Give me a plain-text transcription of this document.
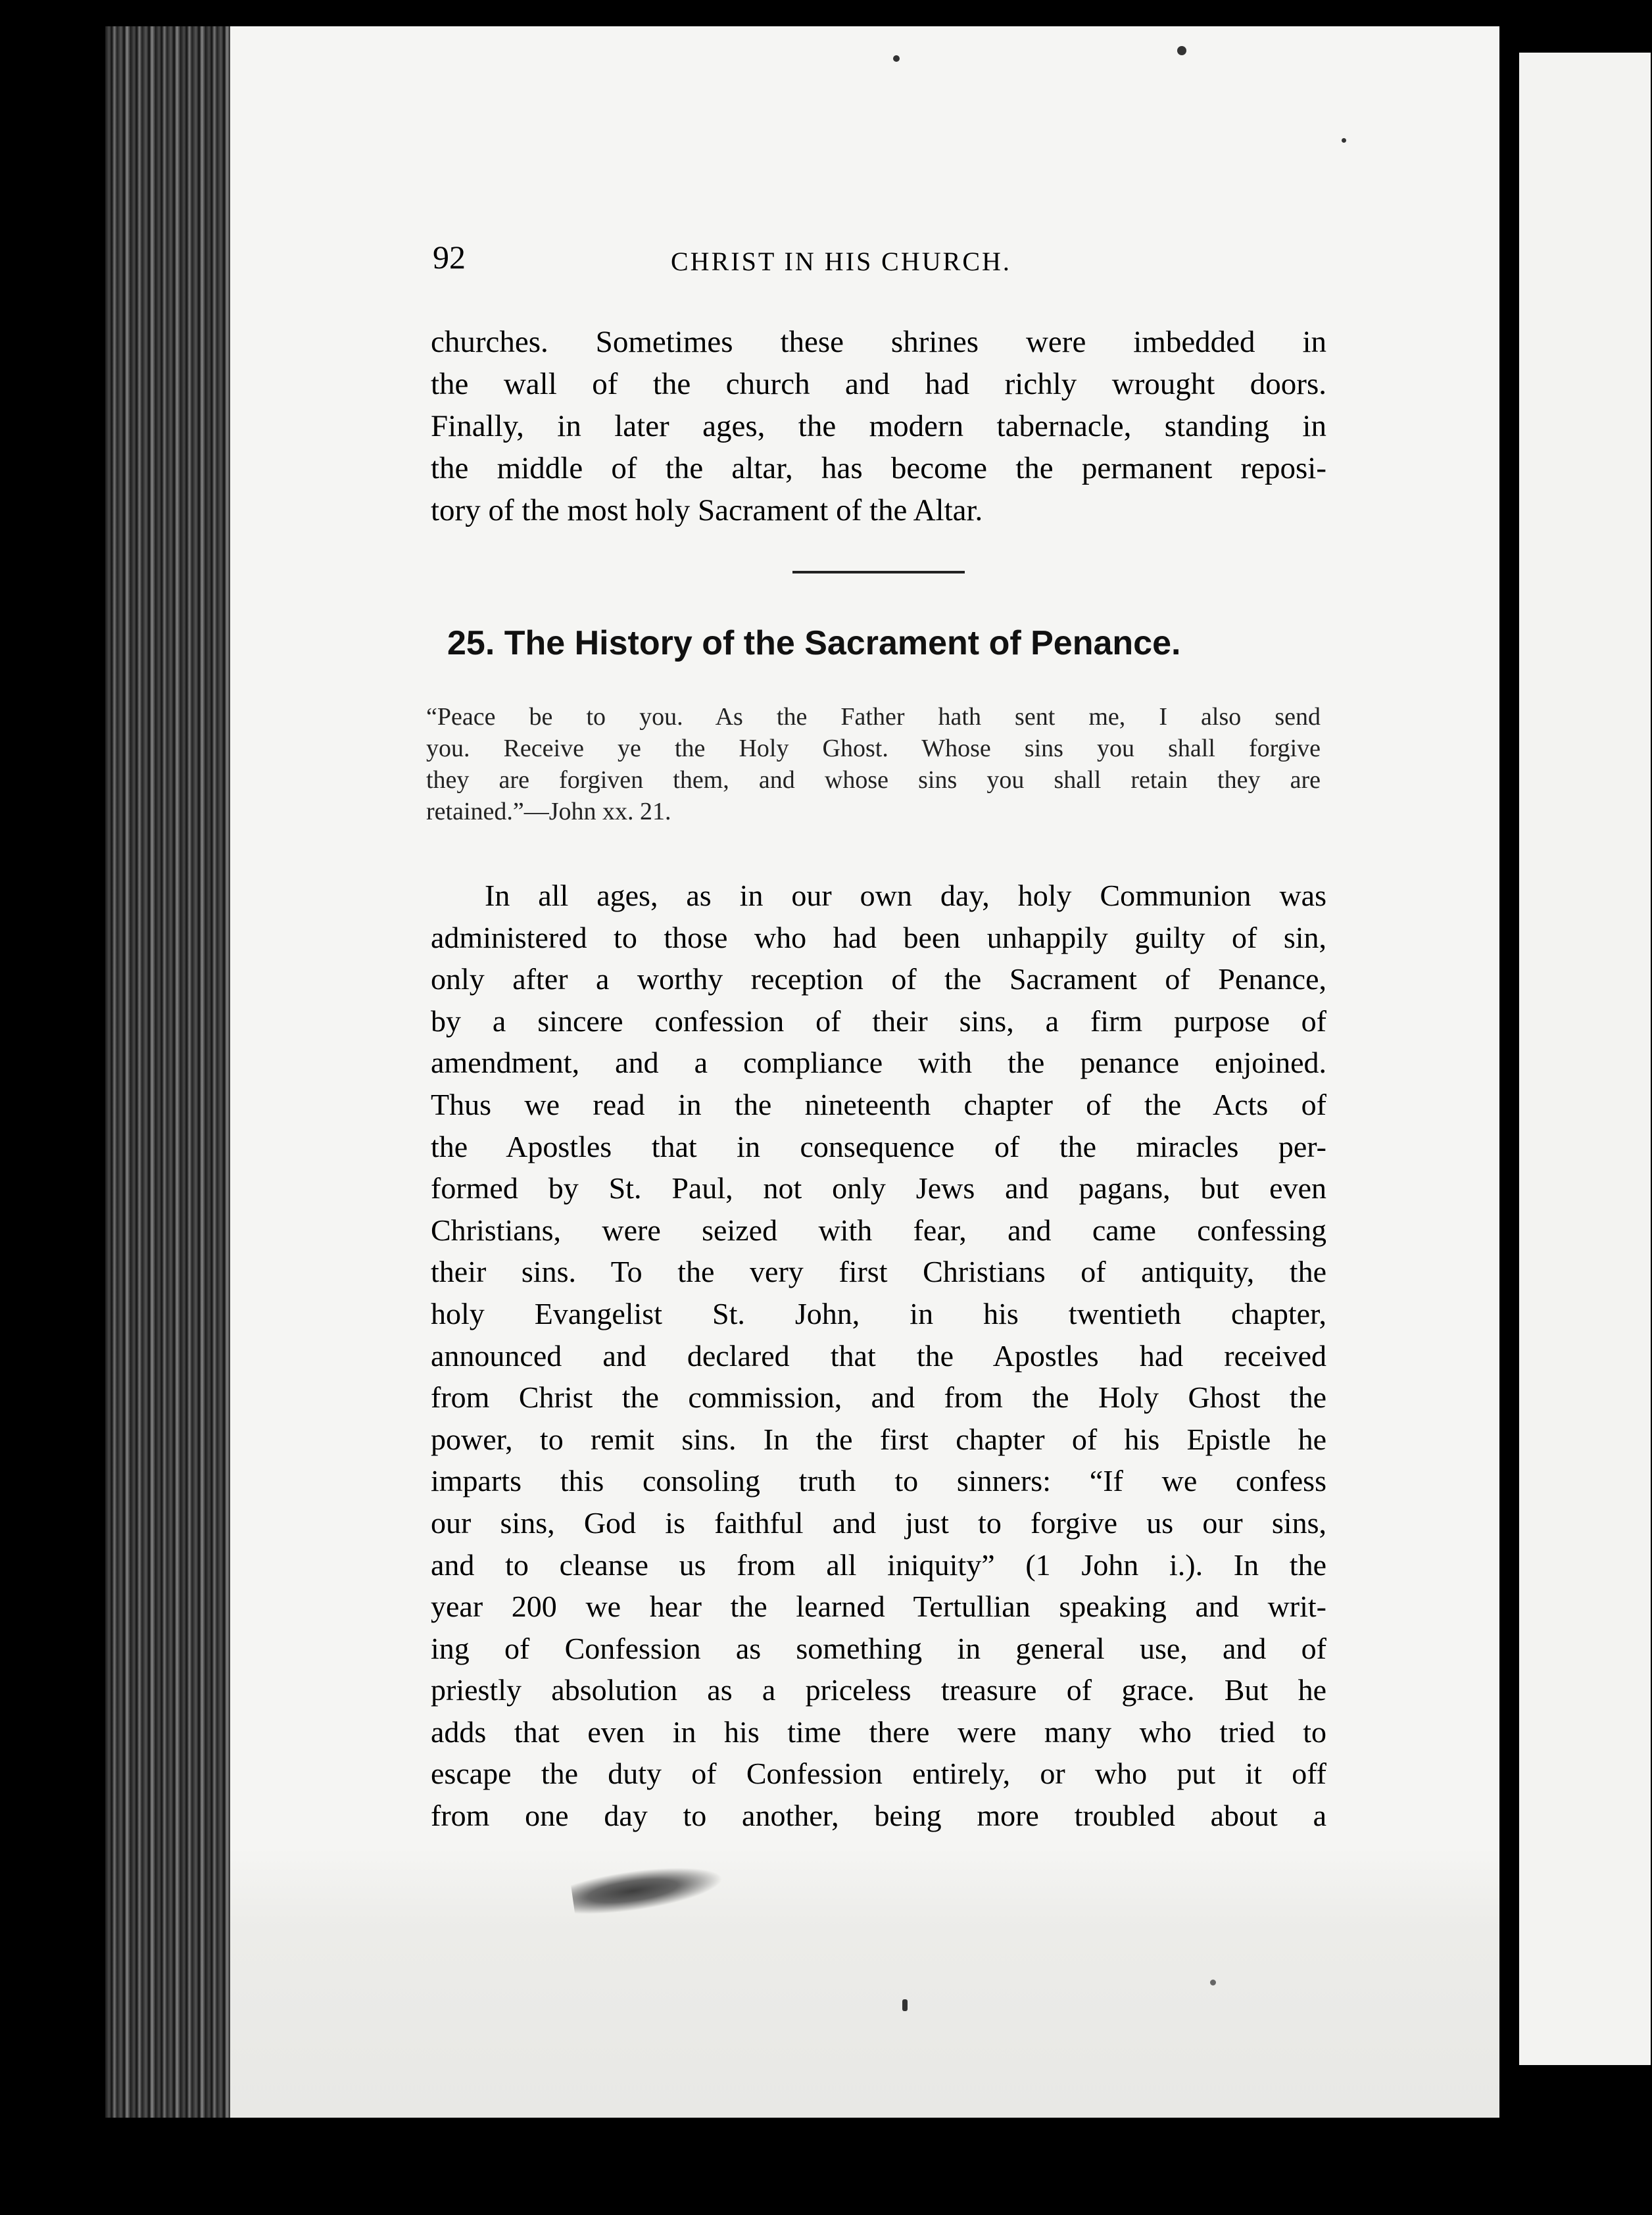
92	CHRIST IN HIS CHURCH.
churches. Sometimes these shrines were imbedded in
the wall of the church and had richly wrought doors.
Finally, in later ages, the modern tabernacle, standing in
the middle of the altar, has become the permanent reposi-
tory of the most holy Sacrament of the Altar.
25. The History of the Sacrament of Penance.
“Peace be to you. As the Father hath sent me, I also send
you. Receive ye the Holy Ghost. Whose sins you shall forgive
they are forgiven them, and whose sins you shall retain they are
retained.”—John xx. 21.
In all ages, as in our own day, holy Communion was
administered to those who had been unhappily guilty of sin,
only after a worthy reception of the Sacrament of Penance,
by a sincere confession of their sins, a firm purpose of
amendment, and a compliance with the penance enjoined.
Thus we read in the nineteenth chapter of the Acts of
the Apostles that in consequence of the miracles per-
formed by St. Paul, not only Jews and pagans, but even
Christians, were seized with fear, and came confessing
their sins. To the very first Christians of antiquity, the
holy Evangelist St. John, in his twentieth chapter,
announced and declared that the Apostles had received
from Christ the commission, and from the Holy Ghost the
power, to remit sins. In the first chapter of his Epistle he
imparts this consoling truth to sinners: “If we confess
our sins, God is faithful and just to forgive us our sins,
and to cleanse us from all iniquity” (1 John i.). In the
year 200 we hear the learned Tertullian speaking and writ-
ing of Confession as something in general use, and of
priestly absolution as a priceless treasure of grace. But he
adds that even in his time there were many who tried to
escape the duty of Confession entirely, or who put it off
from one day to another, being more troubled about a
